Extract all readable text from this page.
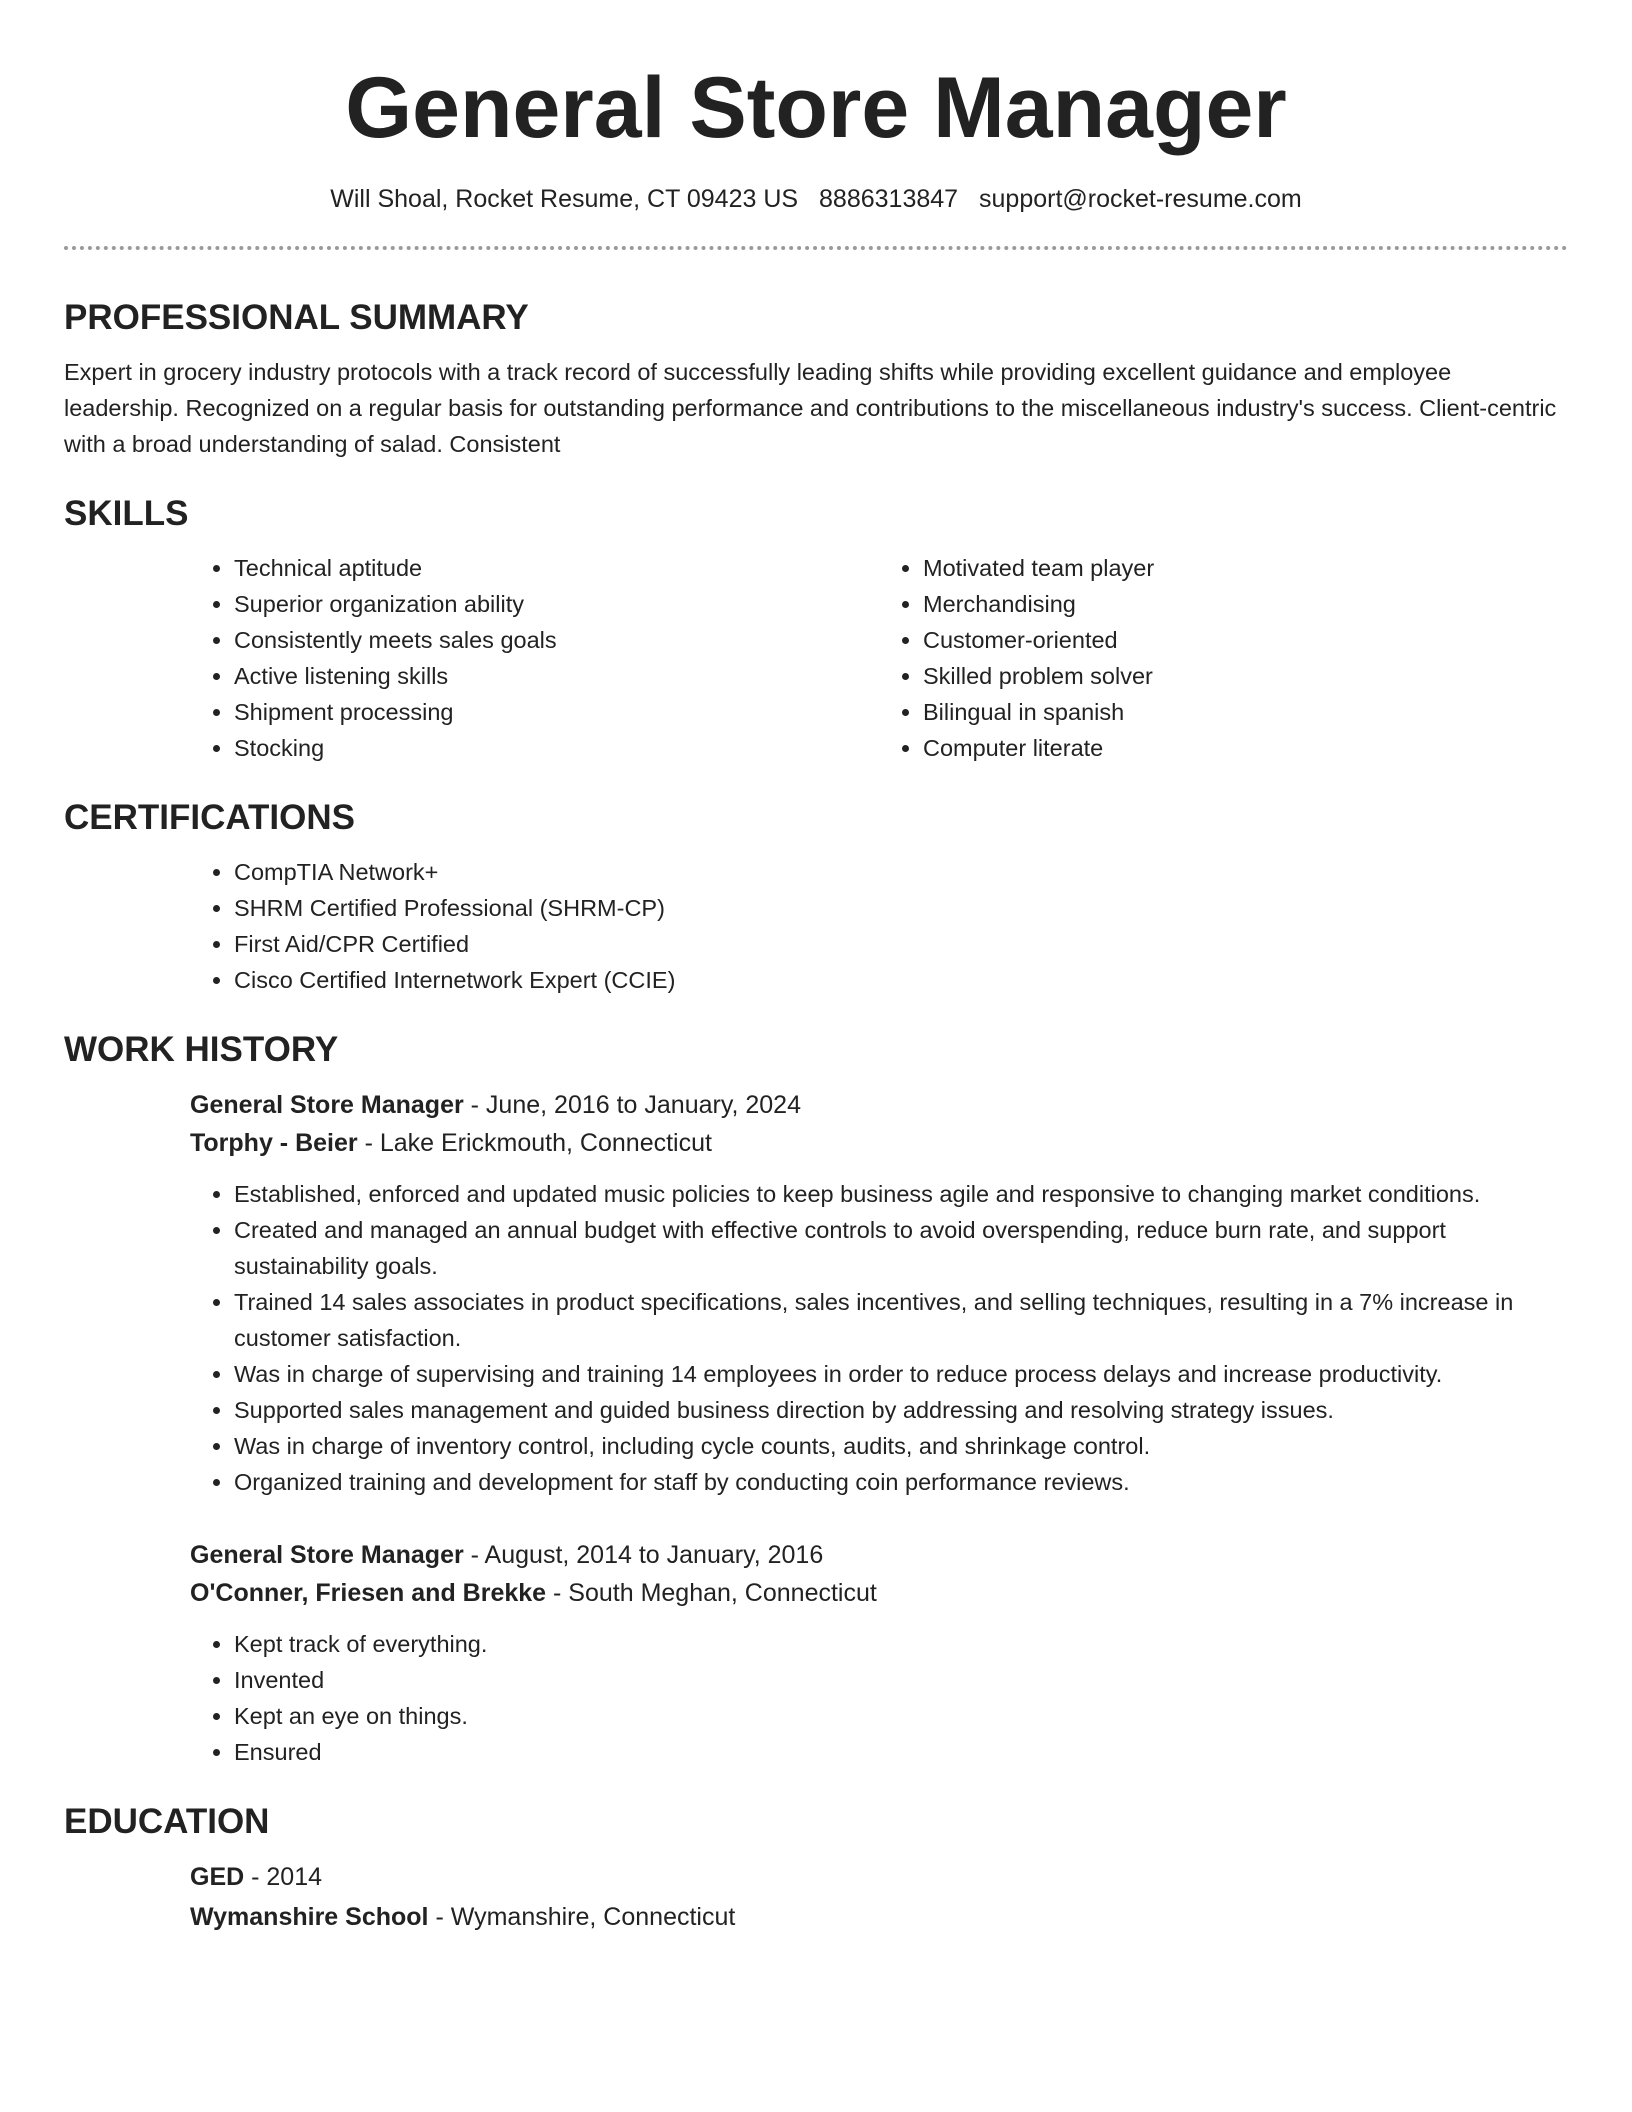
General Store Manager
Will Shoal, Rocket Resume, CT 09423 US 8886313847 support@rocket-resume.com
PROFESSIONAL SUMMARY

Expert in grocery industry protocols with a track record of successfully leading shifts while providing excellent guidance and employee leadership. Recognized on a regular basis for outstanding performance and contributions to the miscellaneous industry's success. Client-centric with a broad understanding of salad. Consistent

SKILLS
• Technical aptitude
• Superior organization ability
• Consistently meets sales goals
• Active listening skills
• Shipment processing
• Stocking
• Motivated team player
• Merchandising
• Customer-oriented
• Skilled problem solver
• Bilingual in spanish
• Computer literate
CERTIFICATIONS
• CompTIA Network+
• SHRM Certified Professional (SHRM-CP)
• First Aid/CPR Certified
• Cisco Certified Internetwork Expert (CCIE)
WORK HISTORY

General Store Manager - June, 2016 to January, 2024

Torphy - Beier - Lake Erickmouth, Connecticut

• Established, enforced and updated music policies to keep business agile and responsive to changing market conditions.
• Created and managed an annual budget with effective controls to avoid overspending, reduce burn rate, and support sustainability goals.
• Trained 14 sales associates in product specifications, sales incentives, and selling techniques, resulting in a 7% increase in customer satisfaction.
• Was in charge of supervising and training 14 employees in order to reduce process delays and increase productivity.
• Supported sales management and guided business direction by addressing and resolving strategy issues.
• Was in charge of inventory control, including cycle counts, audits, and shrinkage control.
• Organized training and development for staff by conducting coin performance reviews.

General Store Manager - August, 2014 to January, 2016

O'Conner, Friesen and Brekke - South Meghan, Connecticut

• Kept track of everything.
• Invented
• Kept an eye on things.
• Ensured
EDUCATION

GED - 2014

Wymanshire School - Wymanshire, Connecticut
